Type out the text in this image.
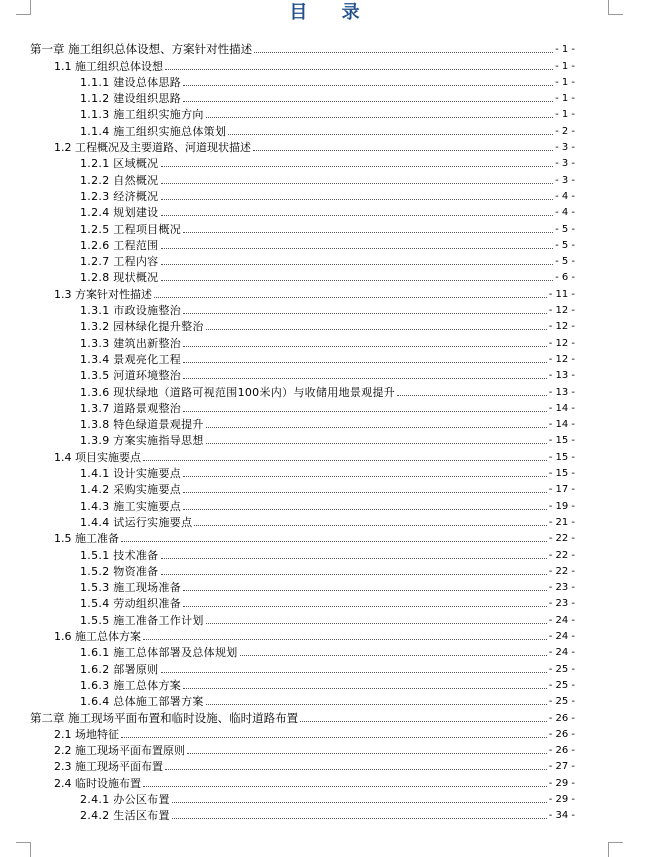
目 录
第一章 施工组织总体设想、方案针对性描述	- 1 -
1.1 施工组织总体设想	- 1 -
1.1.1 建设总体思路	- 1 -
1.1.2 建设组织思路	- 1 -
1.1.3 施工组织实施方向	- 1 -
1.1.4 施工组织实施总体策划	- 2 -
1.2 工程概况及主要道路、河道现状描述	- 3 -
1.2.1 区域概况	- 3 -
1.2.2 自然概况	- 3 -
1.2.3 经济概况	- 4 -
1.2.4 规划建设	- 4 -
1.2.5 工程项目概况	- 5 -
1.2.6 工程范围	- 5 -
1.2.7 工程内容	- 5 -
1.2.8 现状概况	- 6 -
1.3 方案针对性描述	- 11 -
1.3.1 市政设施整治	- 12 -
1.3.2 园林绿化提升整治	- 12 -
1.3.3 建筑出新整治	- 12 -
1.3.4 景观亮化工程	- 12 -
1.3.5 河道环境整治	- 13 -
1.3.6 现状绿地（道路可视范围100米内）与收储用地景观提升	- 13 -
1.3.7 道路景观整治	- 14 -
1.3.8 特色绿道景观提升	- 14 -
1.3.9 方案实施指导思想	- 15 -
1.4 项目实施要点	- 15 -
1.4.1 设计实施要点	- 15 -
1.4.2 采购实施要点	- 17 -
1.4.3 施工实施要点	- 19 -
1.4.4 试运行实施要点	- 21 -
1.5 施工准备	- 22 -
1.5.1 技术准备	- 22 -
1.5.2 物资准备	- 22 -
1.5.3 施工现场准备	- 23 -
1.5.4 劳动组织准备	- 23 -
1.5.5 施工准备工作计划	- 24 -
1.6 施工总体方案	- 24 -
1.6.1 施工总体部署及总体规划	- 24 -
1.6.2 部署原则	- 25 -
1.6.3 施工总体方案	- 25 -
1.6.4 总体施工部署方案	- 25 -
第二章 施工现场平面布置和临时设施、临时道路布置	- 26 -
2.1 场地特征	- 26 -
2.2 施工现场平面布置原则	- 26 -
2.3 施工现场平面布置	- 27 -
2.4 临时设施布置	- 29 -
2.4.1 办公区布置	- 29 -
2.4.2 生活区布置	- 34 -
